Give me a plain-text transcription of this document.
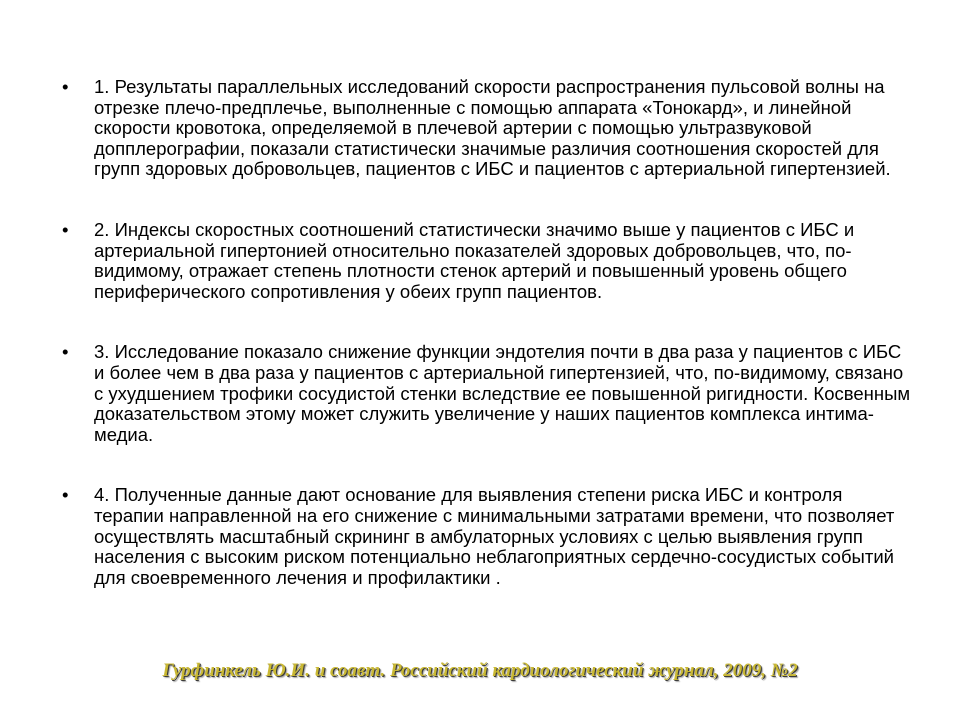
• 1. Результаты параллельных исследований скорости распространения пульсовой волны на отрезке плечо-предплечье, выполненные с помощью аппарата «Тонокард», и линейной скорости кровотока, определяемой в плечевой артерии с помощью ультразвуковой допплерографии, показали статистически значимые различия соотношения скоростей для групп здоровых добровольцев, пациентов с ИБС и пациентов с артериальной гипертензией.
• 2. Индексы скоростных соотношений статистически значимо выше у пациентов с ИБС и артериальной гипертонией относительно показателей здоровых добровольцев, что, по-видимому, отражает степень плотности стенок артерий и повышенный уровень общего периферического сопротивления у обеих групп пациентов.
• 3. Исследование показало снижение функции эндотелия почти в два раза у пациентов с ИБС и более чем в два раза у пациентов с артериальной гипертензией, что, по-видимому, связано с ухудшением трофики сосудистой стенки вследствие ее повышенной ригидности. Косвенным доказательством этому может служить увеличение у наших пациентов комплекса интима-медиа.
• 4. Полученные данные дают основание для выявления степени риска ИБС и контроля терапии направленной на его снижение с минимальными затратами времени, что позволяет осуществлять масштабный скрининг в амбулаторных условиях с целью выявления групп населения с высоким риском потенциально неблагоприятных сердечно-сосудистых событий для своевременного лечения и профилактики .
Гурфинкель Ю.И. и соавт. Российский кардиологический журнал, 2009, №2
